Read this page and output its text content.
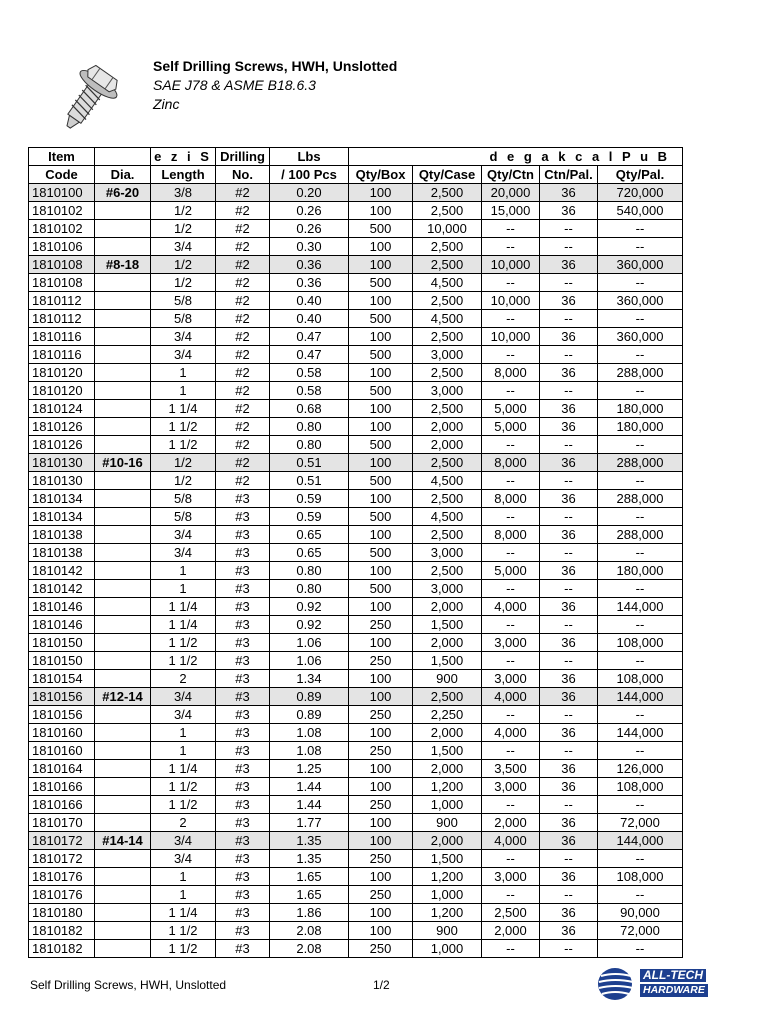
Self Drilling Screws, HWH, Unslotted
SAE J78 & ASME B18.6.3
Zinc
Item		e z i S	Drilling	Lbs	d e g a k c a l P u B				
Code	Dia.	Length	No.	/ 100 Pcs	Qty/Box	Qty/Case	Qty/Ctn	Ctn/Pal.	Qty/Pal.
1810100	#6-20	3/8	#2	0.20	100	2,500	20,000	36	720,000
1810102		1/2	#2	0.26	100	2,500	15,000	36	540,000
1810102		1/2	#2	0.26	500	10,000	--	--	--
1810106		3/4	#2	0.30	100	2,500	--	--	--
1810108	#8-18	1/2	#2	0.36	100	2,500	10,000	36	360,000
1810108		1/2	#2	0.36	500	4,500	--	--	--
1810112		5/8	#2	0.40	100	2,500	10,000	36	360,000
1810112		5/8	#2	0.40	500	4,500	--	--	--
1810116		3/4	#2	0.47	100	2,500	10,000	36	360,000
1810116		3/4	#2	0.47	500	3,000	--	--	--
1810120		1	#2	0.58	100	2,500	8,000	36	288,000
1810120		1	#2	0.58	500	3,000	--	--	--
1810124		1 1/4	#2	0.68	100	2,500	5,000	36	180,000
1810126		1 1/2	#2	0.80	100	2,000	5,000	36	180,000
1810126		1 1/2	#2	0.80	500	2,000	--	--	--
1810130	#10-16	1/2	#2	0.51	100	2,500	8,000	36	288,000
1810130		1/2	#2	0.51	500	4,500	--	--	--
1810134		5/8	#3	0.59	100	2,500	8,000	36	288,000
1810134		5/8	#3	0.59	500	4,500	--	--	--
1810138		3/4	#3	0.65	100	2,500	8,000	36	288,000
1810138		3/4	#3	0.65	500	3,000	--	--	--
1810142		1	#3	0.80	100	2,500	5,000	36	180,000
1810142		1	#3	0.80	500	3,000	--	--	--
1810146		1 1/4	#3	0.92	100	2,000	4,000	36	144,000
1810146		1 1/4	#3	0.92	250	1,500	--	--	--
1810150		1 1/2	#3	1.06	100	2,000	3,000	36	108,000
1810150		1 1/2	#3	1.06	250	1,500	--	--	--
1810154		2	#3	1.34	100	900	3,000	36	108,000
1810156	#12-14	3/4	#3	0.89	100	2,500	4,000	36	144,000
1810156		3/4	#3	0.89	250	2,250	--	--	--
1810160		1	#3	1.08	100	2,000	4,000	36	144,000
1810160		1	#3	1.08	250	1,500	--	--	--
1810164		1 1/4	#3	1.25	100	2,000	3,500	36	126,000
1810166		1 1/2	#3	1.44	100	1,200	3,000	36	108,000
1810166		1 1/2	#3	1.44	250	1,000	--	--	--
1810170		2	#3	1.77	100	900	2,000	36	72,000
1810172	#14-14	3/4	#3	1.35	100	2,000	4,000	36	144,000
1810172		3/4	#3	1.35	250	1,500	--	--	--
1810176		1	#3	1.65	100	1,200	3,000	36	108,000
1810176		1	#3	1.65	250	1,000	--	--	--
1810180		1 1/4	#3	1.86	100	1,200	2,500	36	90,000
1810182		1 1/2	#3	2.08	100	900	2,000	36	72,000
1810182		1 1/2	#3	2.08	250	1,000	--	--	--
Self Drilling Screws, HWH, Unslotted	1/2
ALL-TECH
HARDWARE
